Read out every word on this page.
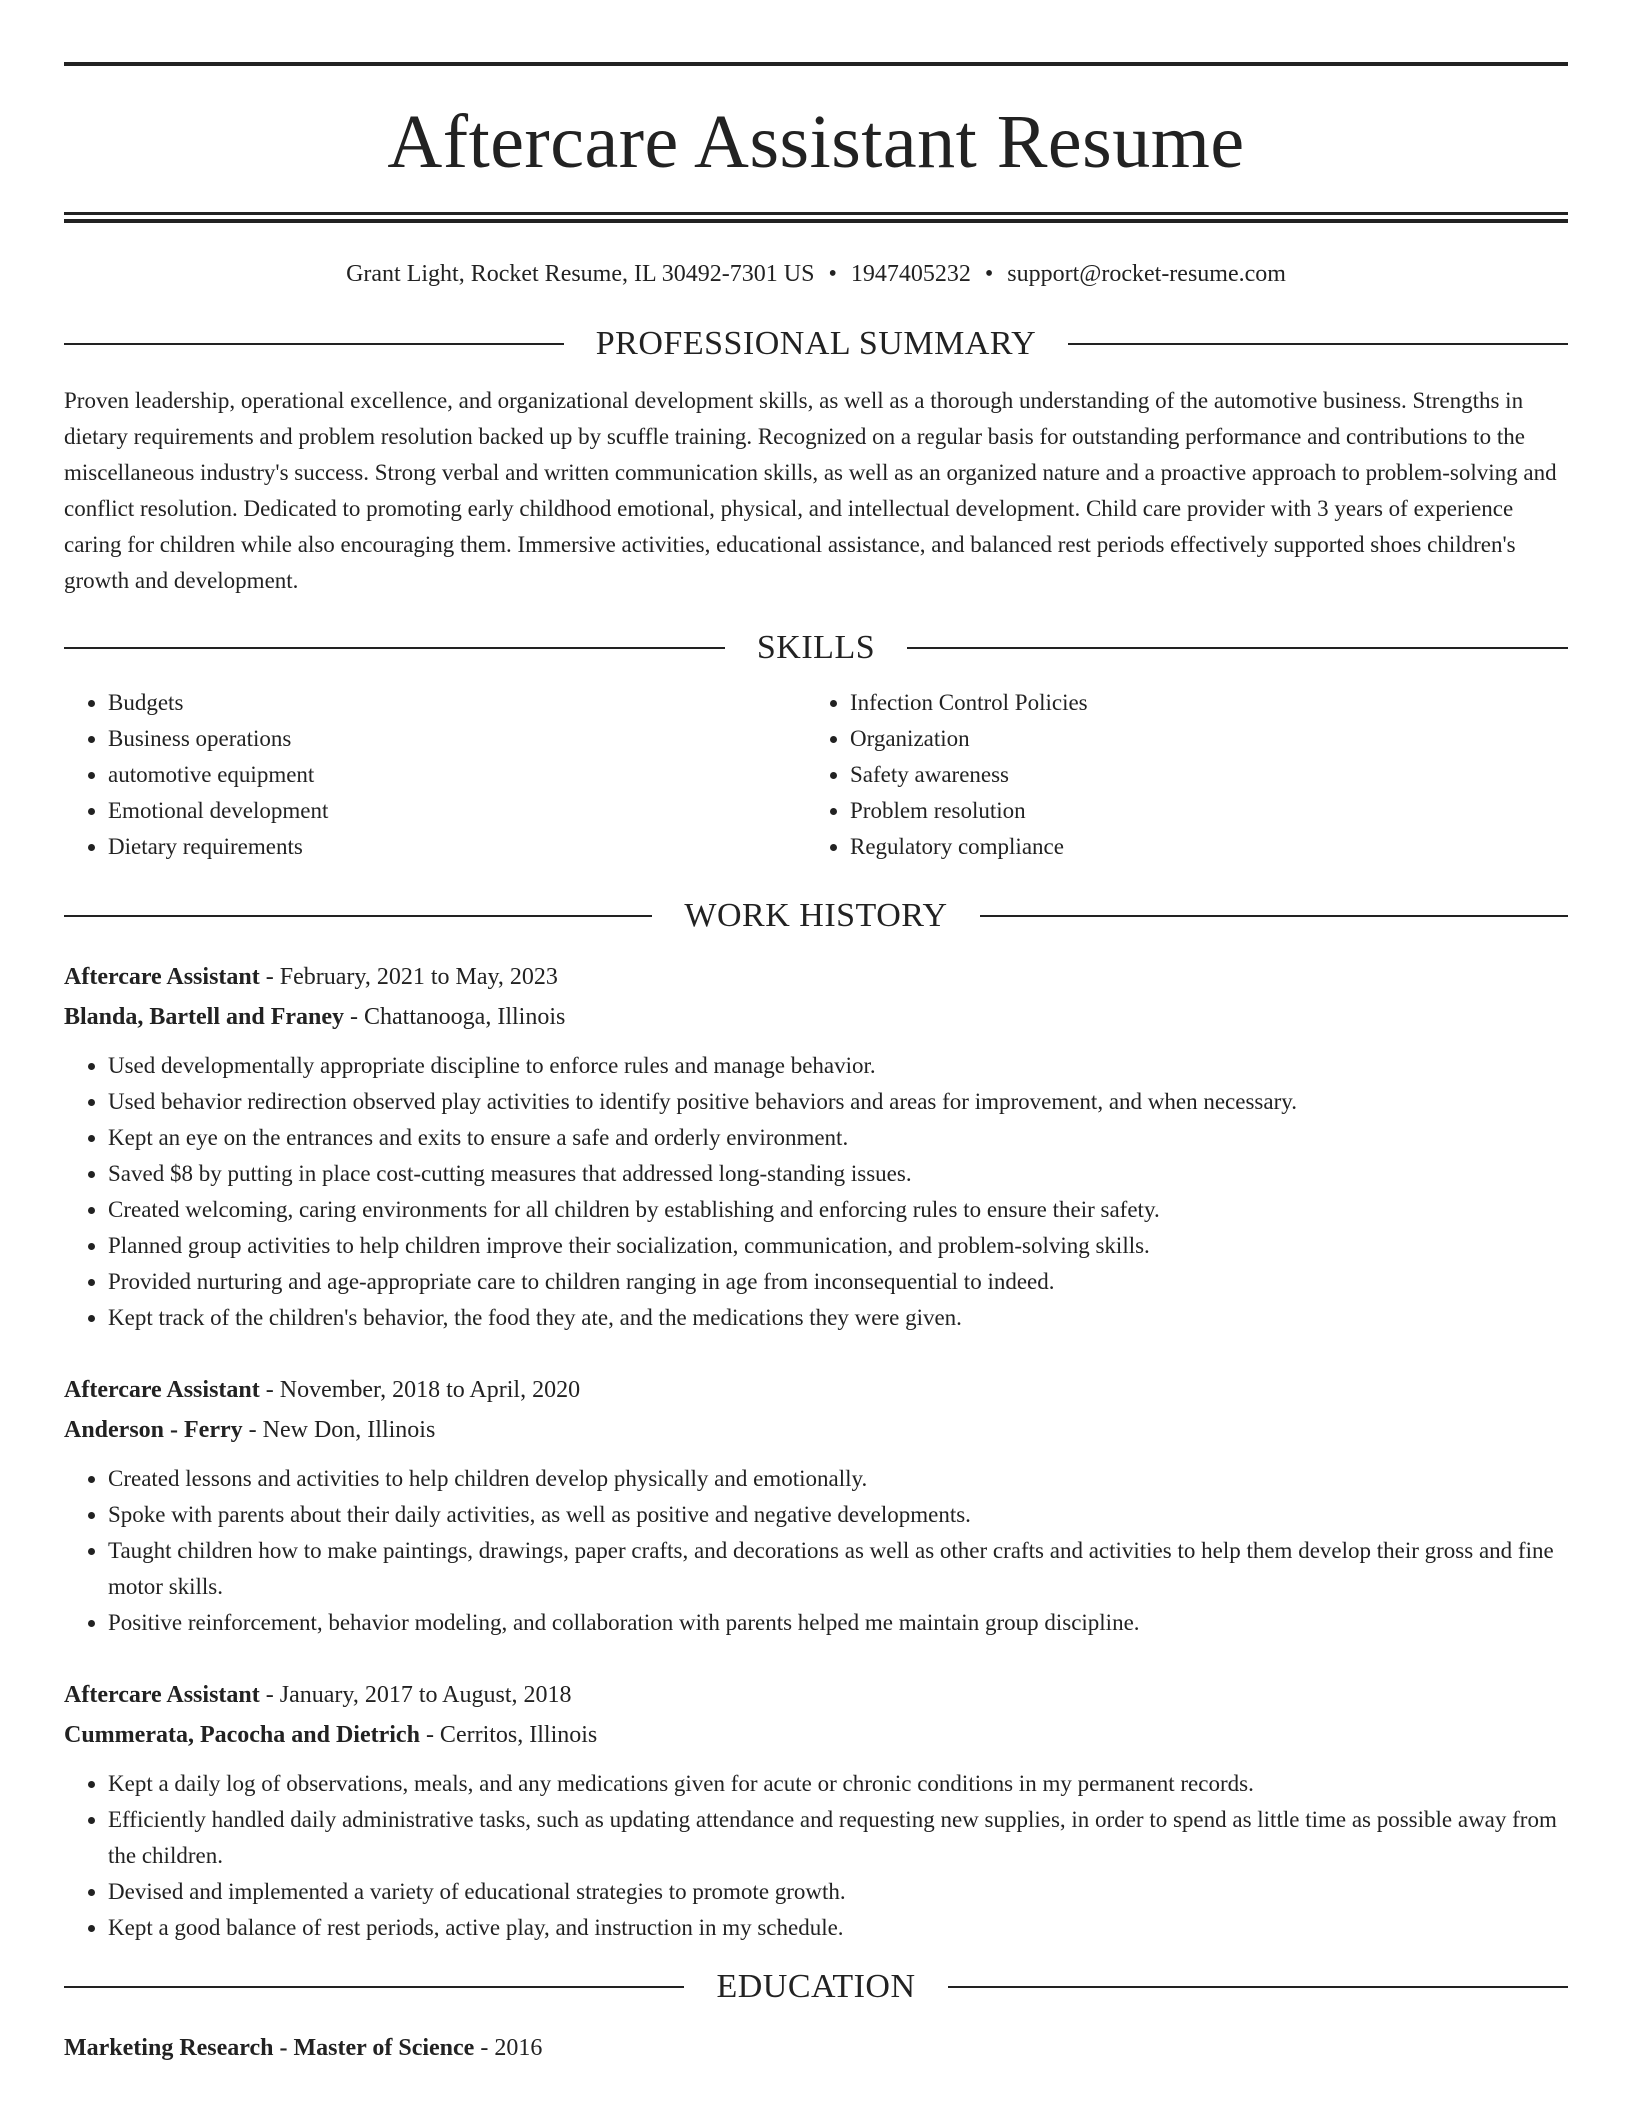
Aftercare Assistant Resume
Grant Light, Rocket Resume, IL 30492-7301 US • 1947405232 • support@rocket-resume.com
PROFESSIONAL SUMMARY

Proven leadership, operational excellence, and organizational development skills, as well as a thorough understanding of the automotive business. Strengths in dietary requirements and problem resolution backed up by scuffle training. Recognized on a regular basis for outstanding performance and contributions to the miscellaneous industry's success. Strong verbal and written communication skills, as well as an organized nature and a proactive approach to problem-solving and conflict resolution. Dedicated to promoting early childhood emotional, physical, and intellectual development. Child care provider with 3 years of experience caring for children while also encouraging them. Immersive activities, educational assistance, and balanced rest periods effectively supported shoes children's growth and development.

SKILLS
• Budgets
• Business operations
• automotive equipment
• Emotional development
• Dietary requirements
• Infection Control Policies
• Organization
• Safety awareness
• Problem resolution
• Regulatory compliance
WORK HISTORY
Aftercare Assistant - February, 2021 to May, 2023
Blanda, Bartell and Franey - Chattanooga, Illinois
• Used developmentally appropriate discipline to enforce rules and manage behavior.
• Used behavior redirection observed play activities to identify positive behaviors and areas for improvement, and when necessary.
• Kept an eye on the entrances and exits to ensure a safe and orderly environment.
• Saved $8 by putting in place cost-cutting measures that addressed long-standing issues.
• Created welcoming, caring environments for all children by establishing and enforcing rules to ensure their safety.
• Planned group activities to help children improve their socialization, communication, and problem-solving skills.
• Provided nurturing and age-appropriate care to children ranging in age from inconsequential to indeed.
• Kept track of the children's behavior, the food they ate, and the medications they were given.
Aftercare Assistant - November, 2018 to April, 2020
Anderson - Ferry - New Don, Illinois
• Created lessons and activities to help children develop physically and emotionally.
• Spoke with parents about their daily activities, as well as positive and negative developments.
• Taught children how to make paintings, drawings, paper crafts, and decorations as well as other crafts and activities to help them develop their gross and fine motor skills.
• Positive reinforcement, behavior modeling, and collaboration with parents helped me maintain group discipline.
Aftercare Assistant - January, 2017 to August, 2018
Cummerata, Pacocha and Dietrich - Cerritos, Illinois
• Kept a daily log of observations, meals, and any medications given for acute or chronic conditions in my permanent records.
• Efficiently handled daily administrative tasks, such as updating attendance and requesting new supplies, in order to spend as little time as possible away from the children.
• Devised and implemented a variety of educational strategies to promote growth.
• Kept a good balance of rest periods, active play, and instruction in my schedule.
EDUCATION
Marketing Research - Master of Science - 2016
